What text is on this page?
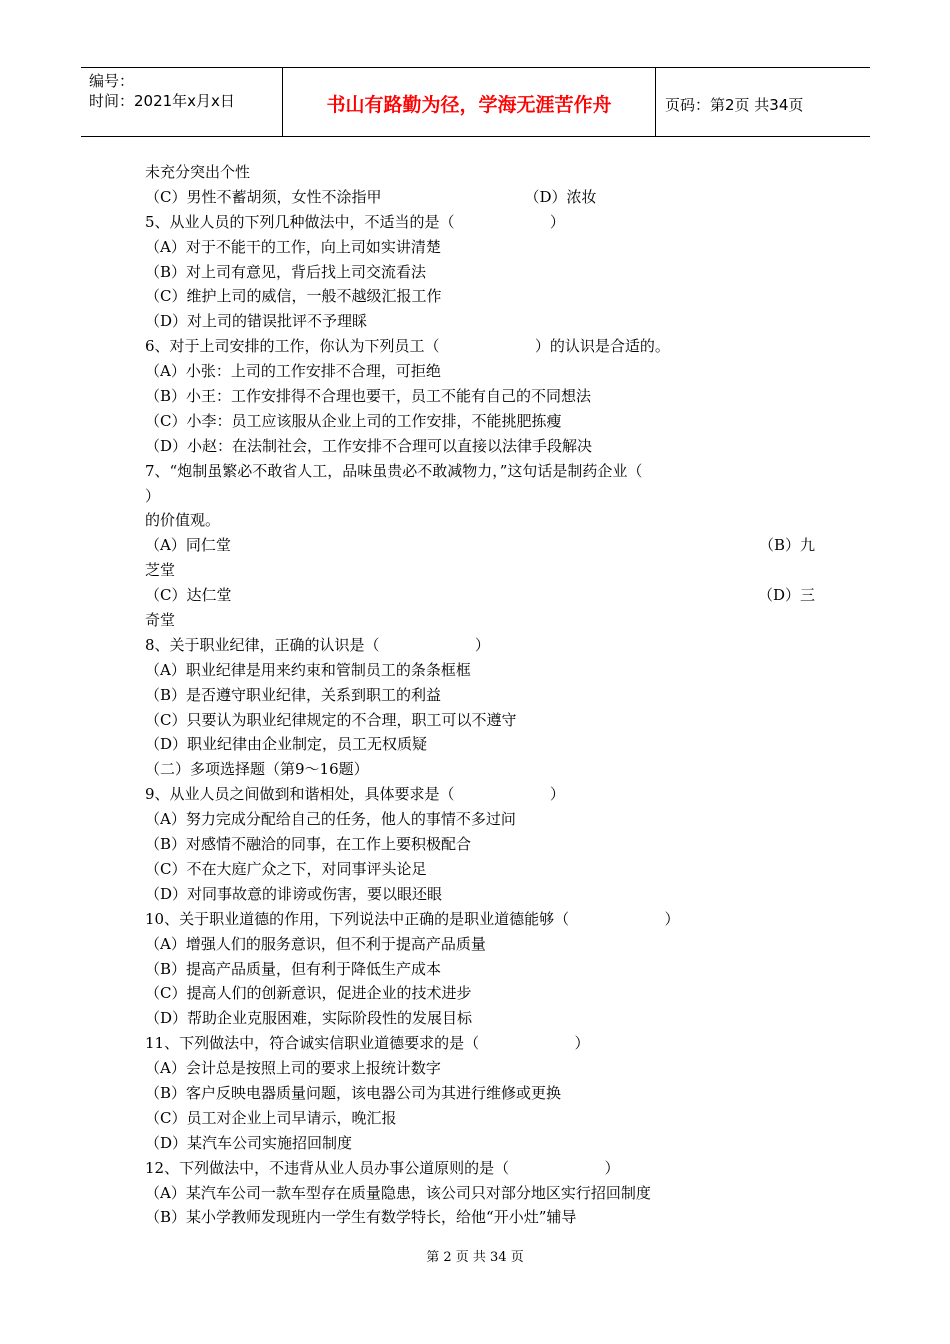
编号：
时间：2021年x月x日	书山有路勤为径，学海无涯苦作舟	页码：第2页 共34页
未充分突出个性
（C）男性不蓄胡须，女性不涂指甲                              （D）浓妆
5、从业人员的下列几种做法中，不适当的是（                    ）
（A）对于不能干的工作，向上司如实讲清楚
（B）对上司有意见，背后找上司交流看法
（C）维护上司的威信，一般不越级汇报工作
（D）对上司的错误批评不予理睬
6、对于上司安排的工作，你认为下列员工（                    ）的认识是合适的。
（A）小张：上司的工作安排不合理，可拒绝
（B）小王：工作安排得不合理也要干，员工不能有自己的不同想法
（C）小李：员工应该服从企业上司的工作安排，不能挑肥拣瘦
（D）小赵：在法制社会，工作安排不合理可以直接以法律手段解决
7、“炮制虽繁必不敢省人工，品味虽贵必不敢减物力，”这句话是制药企业（
）
的价值观。
（A）同仁堂	（B）九
芝堂
（C）达仁堂	（D）三
奇堂
8、关于职业纪律，正确的认识是（                    ）
（A）职业纪律是用来约束和管制员工的条条框框
（B）是否遵守职业纪律，关系到职工的利益
（C）只要认为职业纪律规定的不合理，职工可以不遵守
（D）职业纪律由企业制定，员工无权质疑
（二）多项选择题（第9～16题）
9、从业人员之间做到和谐相处，具体要求是（                    ）
（A）努力完成分配给自己的任务，他人的事情不多过问
（B）对感情不融洽的同事，在工作上要积极配合
（C）不在大庭广众之下，对同事评头论足
（D）对同事故意的诽谤或伤害，要以眼还眼
10、关于职业道德的作用，下列说法中正确的是职业道德能够（                    ）
（A）增强人们的服务意识，但不利于提高产品质量
（B）提高产品质量，但有利于降低生产成本
（C）提高人们的创新意识，促进企业的技术进步
（D）帮助企业克服困难，实际阶段性的发展目标
11、下列做法中，符合诚实信职业道德要求的是（                    ）
（A）会计总是按照上司的要求上报统计数字
（B）客户反映电器质量问题，该电器公司为其进行维修或更换
（C）员工对企业上司早请示，晚汇报
（D）某汽车公司实施招回制度
12、下列做法中，不违背从业人员办事公道原则的是（                    ）
（A）某汽车公司一款车型存在质量隐患，该公司只对部分地区实行招回制度
（B）某小学教师发现班内一学生有数学特长，给他“开小灶”辅导
第 2 页 共 34 页
